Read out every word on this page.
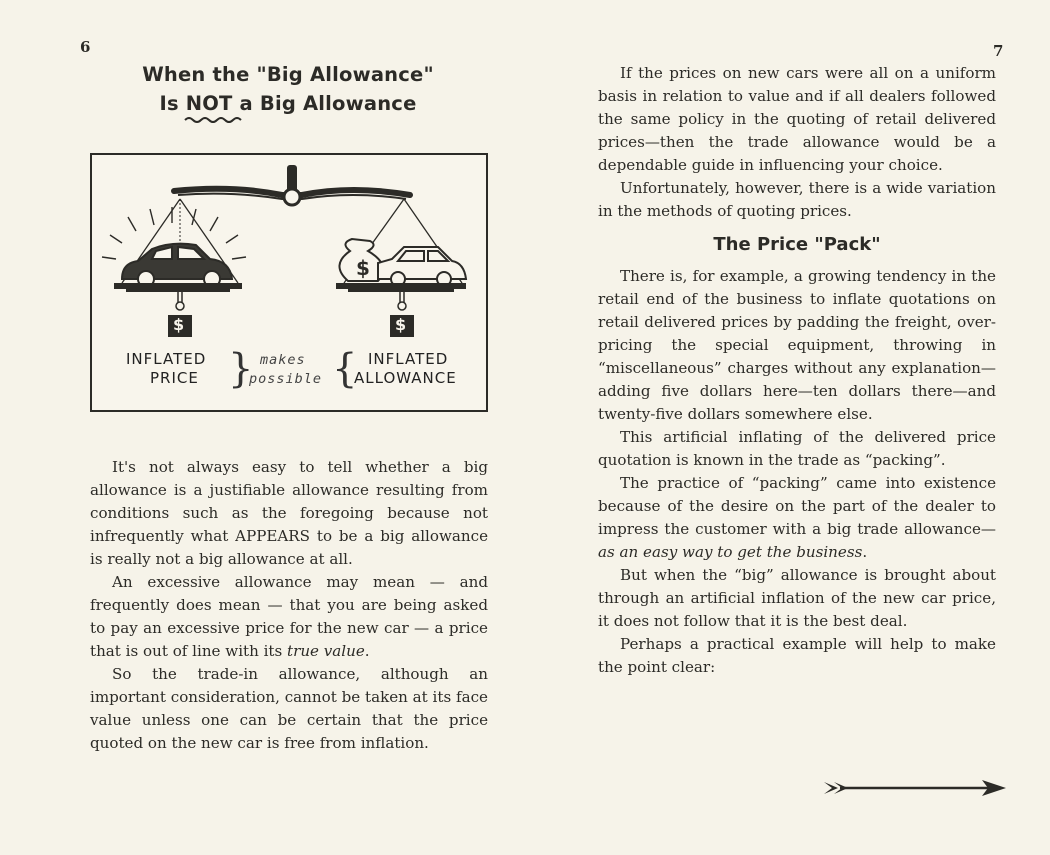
6	7
When the "Big Allowance"
Is NOT
a Big Allowance
$
$	$
INFLATED
PRICE } makes
possible { INFLATED
ALLOWANCE

It's not always easy to tell whether a big allowance is a justifiable allowance resulting from conditions such as the foregoing because not infrequently what APPEARS to be a big allowance is really not a big allowance at all.

An excessive allowance may mean — and frequently does mean — that you are being asked to pay an excessive price for the new car — a price that is out of line with its true value.

So the trade-in allowance, although an important consideration, cannot be taken at its face value unless one can be certain that the price quoted on the new car is free from inflation.

If the prices on new cars were all on a uniform basis in relation to value and if all dealers followed the same policy in the quoting of retail delivered prices—then the trade allowance would be a dependable guide in influencing your choice.

Unfortunately, however, there is a wide variation in the methods of quoting prices.

The Price "Pack"

There is, for example, a growing tendency in the retail end of the business to inflate quotations on retail delivered prices by padding the freight, over-pricing the special equipment, throwing in “miscellaneous” charges without any explanation—adding five dollars here—ten dollars there—and twenty-five dollars somewhere else.

This artificial inflating of the delivered price quotation is known in the trade as “packing”.

The practice of “packing” came into existence because of the desire on the part of the dealer to impress the customer with a big trade allowance—as an easy way to get the business.

But when the “big” allowance is brought about through an artificial inflation of the new car price, it does not follow that it is the best deal.

Perhaps a practical example will help to make the point clear:
